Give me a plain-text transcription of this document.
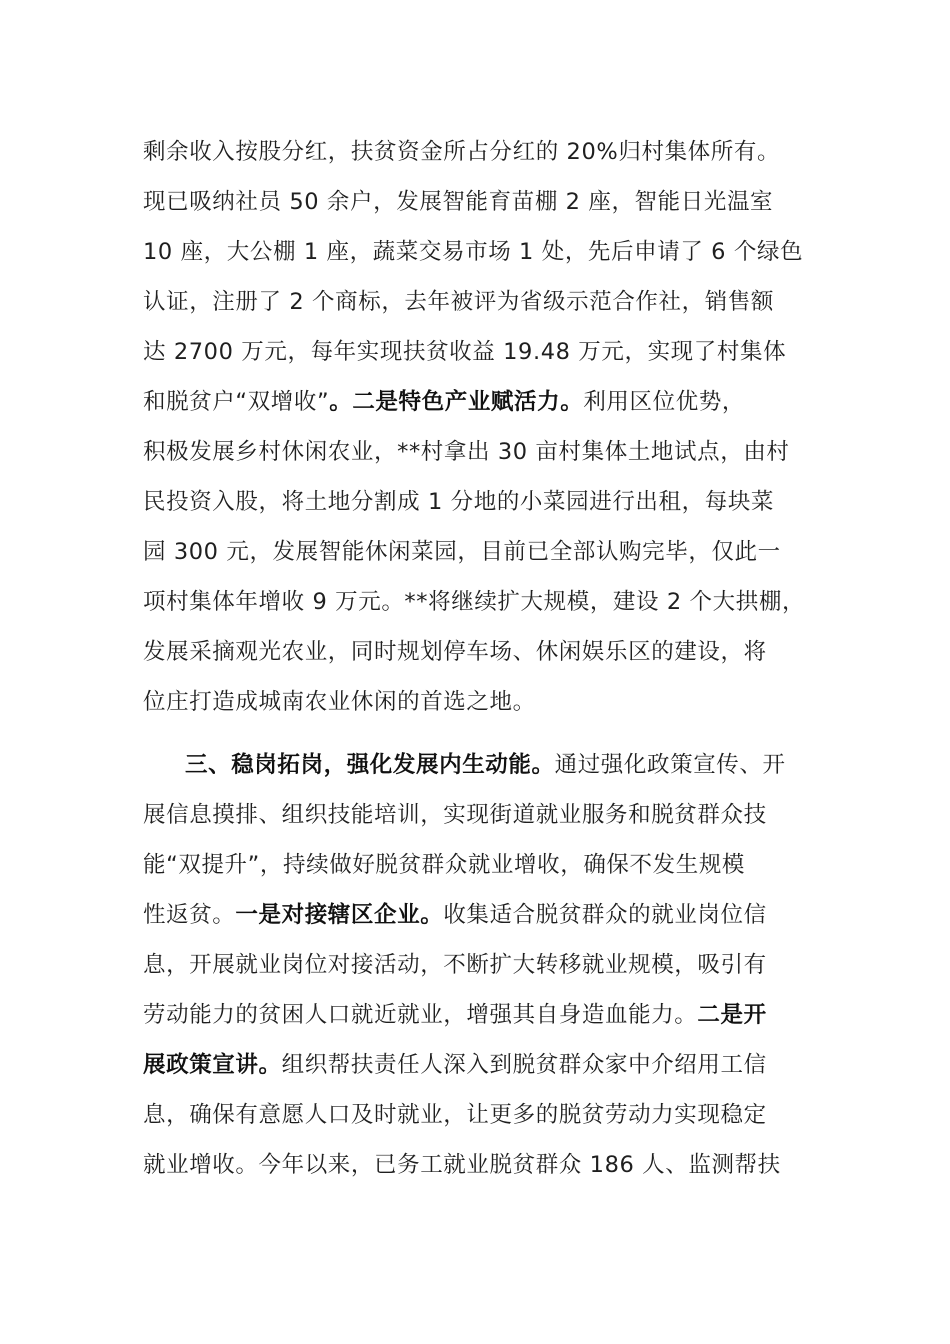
剩余收入按股分红，扶贫资金所占分红的 20%归村集体所有。
现已吸纳社员 50 余户，发展智能育苗棚 2 座，智能日光温室
10 座，大公棚 1 座，蔬菜交易市场 1 处，先后申请了 6 个绿色
认证，注册了 2 个商标，去年被评为省级示范合作社，销售额
达 2700 万元，每年实现扶贫收益 19.48 万元，实现了村集体
和脱贫户“双增收”。二是特色产业赋活力。利用区位优势，
积极发展乡村休闲农业，**村拿出 30 亩村集体土地试点，由村
民投资入股，将土地分割成 1 分地的小菜园进行出租，每块菜
园 300 元，发展智能休闲菜园，目前已全部认购完毕，仅此一
项村集体年增收 9 万元。**将继续扩大规模，建设 2 个大拱棚，
发展采摘观光农业，同时规划停车场、休闲娱乐区的建设，将
位庄打造成城南农业休闲的首选之地。
三、稳岗拓岗，强化发展内生动能。通过强化政策宣传、开
展信息摸排、组织技能培训，实现街道就业服务和脱贫群众技
能“双提升”，持续做好脱贫群众就业增收，确保不发生规模
性返贫。一是对接辖区企业。收集适合脱贫群众的就业岗位信
息，开展就业岗位对接活动，不断扩大转移就业规模，吸引有
劳动能力的贫困人口就近就业，增强其自身造血能力。二是开
展政策宣讲。组织帮扶责任人深入到脱贫群众家中介绍用工信
息，确保有意愿人口及时就业，让更多的脱贫劳动力实现稳定
就业增收。今年以来，已务工就业脱贫群众 186 人、监测帮扶
